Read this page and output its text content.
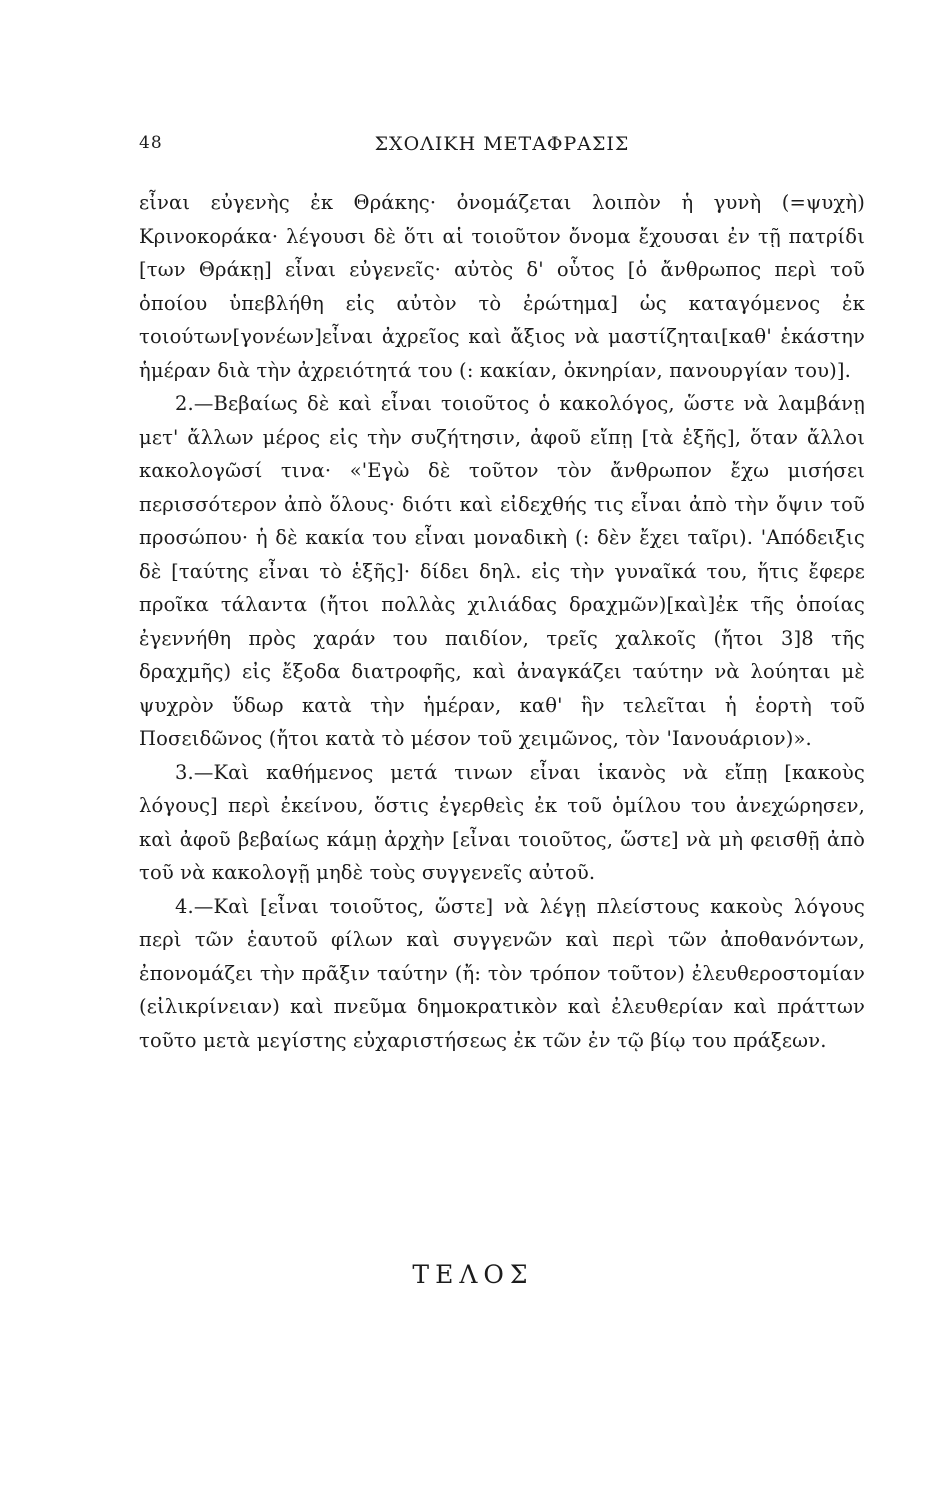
48	ΣΧΟΛΙΚΗ ΜΕΤΑΦΡΑΣΙΣ

εἶναι εὐγενὴς ἐκ Θράκης· ὀνομάζεται λοιπὸν ἡ γυνὴ (=ψυχὴ) Κρινοκοράκα· λέγουσι δὲ ὅτι αἱ τοιοῦτον ὄνομα ἔχουσαι ἐν τῇ πατρίδι [των Θράκῃ] εἶναι εὐγενεῖς· αὐτὸς δ' οὗτος [ὁ ἄνθρωπος περὶ τοῦ ὁποίου ὑπεβλήθη εἰς αὐτὸν τὸ ἐρώτημα] ὡς καταγόμενος ἐκ τοιούτων[γονέων]εἶναι ἀχρεῖος καὶ ἄξιος νὰ μαστίζηται[καθ' ἑκάστην ἡμέραν διὰ τὴν ἀχρειότητά του (: κακίαν, ὀκνηρίαν, πανουργίαν του)].

2.—Βεβαίως δὲ καὶ εἶναι τοιοῦτος ὁ κακολόγος, ὥστε νὰ λαμβάνῃ μετ' ἄλλων μέρος εἰς τὴν συζήτησιν, ἀφοῦ εἴπῃ [τὰ ἑξῆς], ὅταν ἄλλοι κακολογῶσί τινα· «'Εγὼ δὲ τοῦτον τὸν ἄνθρωπον ἔχω μισήσει περισσότερον ἀπὸ ὅλους· διότι καὶ εἰδεχθής τις εἶναι ἀπὸ τὴν ὄψιν τοῦ προσώπου· ἡ δὲ κακία του εἶναι μοναδικὴ (: δὲν ἔχει ταῖρι). 'Απόδειξις δὲ [ταύτης εἶναι τὸ ἑξῆς]· δίδει δηλ. εἰς τὴν γυναῖκά του, ἥτις ἔφερε προῖκα τάλαντα (ἤτοι πολλὰς χιλιάδας δραχμῶν)[καὶ]ἐκ τῆς ὁποίας ἐγεννήθη πρὸς χαράν του παιδίον, τρεῖς χαλκοῖς (ἤτοι 3]8 τῆς δραχμῆς) εἰς ἔξοδα διατροφῆς, καὶ ἀναγκάζει ταύτην νὰ λούηται μὲ ψυχρὸν ὕδωρ κατὰ τὴν ἡμέραν, καθ' ἣν τελεῖται ἡ ἑορτὴ τοῦ Ποσειδῶνος (ἤτοι κατὰ τὸ μέσον τοῦ χειμῶνος, τὸν 'Ιανουάριον)».

3.—Καὶ καθήμενος μετά τινων εἶναι ἱκανὸς νὰ εἴπῃ [κακοὺς λόγους] περὶ ἐκείνου, ὅστις ἐγερθεὶς ἐκ τοῦ ὁμίλου του ἀνεχώρησεν, καὶ ἀφοῦ βεβαίως κάμῃ ἀρχὴν [εἶναι τοιοῦτος, ὥστε] νὰ μὴ φεισθῇ ἀπὸ τοῦ νὰ κακολογῇ μηδὲ τοὺς συγγενεῖς αὐτοῦ.

4.—Καὶ [εἶναι τοιοῦτος, ὥστε] νὰ λέγῃ πλείστους κακοὺς λόγους περὶ τῶν ἑαυτοῦ φίλων καὶ συγγενῶν καὶ περὶ τῶν ἀποθανόντων, ἐπονομάζει τὴν πρᾶξιν ταύτην (ἤ: τὸν τρόπον τοῦτον) ἐλευθεροστομίαν (εἰλικρίνειαν) καὶ πνεῦμα δημοκρατικὸν καὶ ἐλευθερίαν καὶ πράττων τοῦτο μετὰ μεγίστης εὐχαριστήσεως ἐκ τῶν ἐν τῷ βίῳ του πράξεων.

ΤΕΛΟΣ
